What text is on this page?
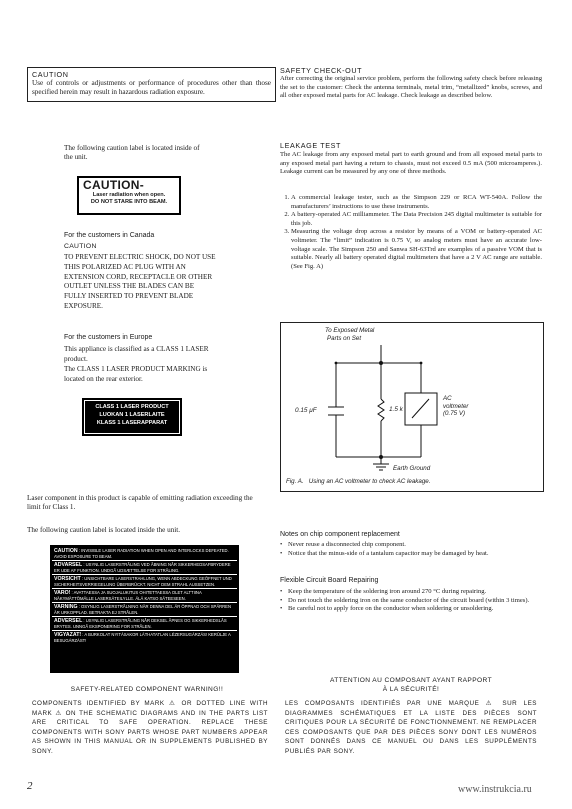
CAUTION
Use of controls or adjustments or performance of procedures other than those specified herein may result in hazardous radiation exposure.
The following caution label is located inside of the unit.
CAUTION-
Laser radiation when open.
DO NOT STARE INTO BEAM.
For the customers in Canada
CAUTION
TO PREVENT ELECTRIC SHOCK, DO NOT USE THIS POLARIZED AC PLUG WITH AN EXTENSION CORD, RECEPTACLE OR OTHER OUTLET UNLESS THE BLADES CAN BE FULLY INSERTED TO PREVENT BLADE EXPOSURE.
For the customers in Europe
This appliance is classified as a CLASS 1 LASER product.
The CLASS 1 LASER PRODUCT MARKING is located on the rear exterior.
CLASS 1 LASER PRODUCT
LUOKAN 1 LASERLAITE
KLASS 1 LASERAPPARAT
Laser component in this product is capable of emitting radiation exceeding the limit for Class 1.
The following caution label is located inside the unit.
CAUTION : INVISIBLE LASER RADIATION WHEN OPEN AND INTERLOCKS DEFEATED. AVOID EXPOSURE TO BEAM.
ADVARSEL : USYNLIG LASERSTRÅLING VED ÅBNING NÅR SIKKERHEDSAFBRYDERE ER UDE AF FUNKTION. UNDGÅ UDSÆTTELSE FOR STRÅLING.
VORSICHT : UNSICHTBARE LASERSTRAHLUNG, WENN ABDECKUNG GEÖFFNET UND SICHERHEITSVERRIEGELUNG ÜBERBRÜCKT. NICHT DEM STRAHL AUSSETZEN.
VARO! : AVATTAESSA JA SUOJALUKITUS OHITETTAESSA OLET ALTTIINA NÄKYMÄTTÖMÄLLE LASERSÄTEILYLLE. ÄLÄ KATSO SÄTEESEEN.
VARNING : OSYNLIG LASERSTRÅLNING NÄR DENNA DEL ÄR ÖPPNAD OCH SPÄRREN ÄR URKOPPLAD. BETRAKTA EJ STRÅLEN.
ADVERSEL : USYNLIG LASERSTRÅLING NÅR DEKSEL ÅPNES OG SIKKERHEDSLÅS BRYTES. UNNGÅ EKSPONERING FOR STRÅLEN.
VIGYAZAT! : A BURKOLAT NYITÁSAKOR LÁTHATATLAN LÉZERSUGÁRZÁS! KERÜLJE A BESUGÁRZÁST!
SAFETY-RELATED COMPONENT WARNING!!
COMPONENTS IDENTIFIED BY MARK ⚠ OR DOTTED LINE WITH MARK ⚠ ON THE SCHEMATIC DIAGRAMS AND IN THE PARTS LIST ARE CRITICAL TO SAFE OPERATION. REPLACE THESE COMPONENTS WITH SONY PARTS WHOSE PART NUMBERS APPEAR AS SHOWN IN THIS MANUAL OR IN SUPPLEMENTS PUBLISHED BY SONY.
2
SAFETY CHECK-OUT
After correcting the original service problem, perform the following safety check before releasing the set to the customer: Check the antenna terminals, metal trim, “metallized” knobs, screws, and all other exposed metal parts for AC leakage. Check leakage as described below.
LEAKAGE TEST
The AC leakage from any exposed metal part to earth ground and from all exposed metal parts to any exposed metal part having a return to chassis, must not exceed 0.5 mA (500 microamperes.). Leakage current can be measured by any one of three methods.
1. A commercial leakage tester, such as the Simpson 229 or RCA WT-540A. Follow the manufacturers’ instructions to use these instruments.
2. A battery-operated AC milliammeter. The Data Precision 245 digital multimeter is suitable for this job.
3. Measuring the voltage drop across a resistor by means of a VOM or battery-operated AC voltmeter. The “limit” indication is 0.75 V, so analog meters must have an accurate low-voltage scale. The Simpson 250 and Sanwa SH-63Trd are examples of a passive VOM that is suitable. Nearly all battery operated digital multimeters that have a 2 V AC range are suitable. (See Fig. A)
To Exposed Metal
Parts on Set
0.15 μF	1.5 k
AC
voltmeter
(0.75 V)
Earth Ground
Fig. A.   Using an AC voltmeter to check AC leakage.
Notes on chip component replacement
• Never reuse a disconnected chip component.
• Notice that the minus-side of a tantalum capacitor may be damaged by heat.
Flexible Circuit Board Repairing
• Keep the temperature of the soldering iron around 270 °C during repairing.
• Do not touch the soldering iron on the same conductor of the circuit board (within 3 times).
• Be careful not to apply force on the conductor when soldering or unsoldering.
ATTENTION AU COMPOSANT AYANT RAPPORT
À LA SÉCURITÉ!
LES COMPOSANTS IDENTIFIÉS PAR UNE MARQUE ⚠ SUR LES DIAGRAMMES SCHÉMATIQUES ET LA LISTE DES PIÈCES SONT CRITIQUES POUR LA SÉCURITÉ DE FONCTIONNEMENT. NE REMPLACER CES COMPOSANTS QUE PAR DES PIÈCES SONY DONT LES NUMÉROS SONT DONNÉS DANS CE MANUEL OU DANS LES SUPPLÉMENTS PUBLIÉS PAR SONY.
www.instrukcia.ru
